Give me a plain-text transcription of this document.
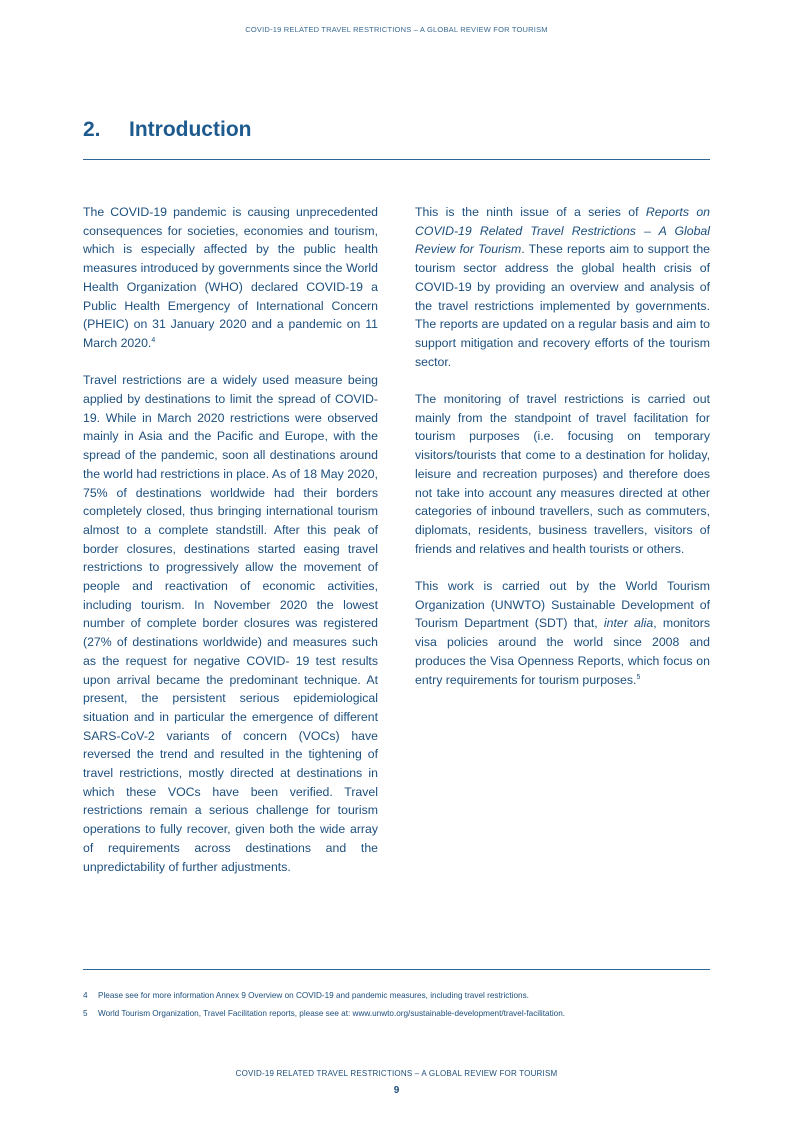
COVID-19 RELATED TRAVEL RESTRICTIONS – A GLOBAL REVIEW FOR TOURISM
2. Introduction

The COVID-19 pandemic is causing unprecedented consequences for societies, economies and tourism, which is especially affected by the public health measures introduced by governments since the World Health Organization (WHO) declared COVID-19 a Public Health Emergency of International Concern (PHEIC) on 31 January 2020 and a pandemic on 11 March 2020.$^4$

Travel restrictions are a widely used measure being applied by destinations to limit the spread of COVID-19. While in March 2020 restrictions were observed mainly in Asia and the Pacific and Europe, with the spread of the pandemic, soon all destinations around the world had restrictions in place. As of 18 May 2020, 75% of destinations worldwide had their borders completely closed, thus bringing international tourism almost to a complete standstill. After this peak of border closures, destinations started easing travel restrictions to progressively allow the movement of people and reactivation of economic activities, including tourism. In November 2020 the lowest number of complete border closures was registered (27% of destinations worldwide) and measures such as the request for negative COVID- 19 test results upon arrival became the predominant technique. At present, the persistent serious epidemiological situation and in particular the emergence of different SARS-CoV-2 variants of concern (VOCs) have reversed the trend and resulted in the tightening of travel restrictions, mostly directed at destinations in which these VOCs have been verified. Travel restrictions remain a serious challenge for tourism operations to fully recover, given both the wide array of requirements across destinations and the unpredictability of further adjustments.

This is the ninth issue of a series of Reports on COVID-19 Related Travel Restrictions – A Global Review for Tourism. These reports aim to support the tourism sector address the global health crisis of COVID-19 by providing an overview and analysis of the travel restrictions implemented by governments. The reports are updated on a regular basis and aim to support mitigation and recovery efforts of the tourism sector.

The monitoring of travel restrictions is carried out mainly from the standpoint of travel facilitation for tourism purposes (i.e. focusing on temporary visitors/tourists that come to a destination for holiday, leisure and recreation purposes) and therefore does not take into account any measures directed at other categories of inbound travellers, such as commuters, diplomats, residents, business travellers, visitors of friends and relatives and health tourists or others.

This work is carried out by the World Tourism Organization (UNWTO) Sustainable Development of Tourism Department (SDT) that, inter alia, monitors visa policies around the world since 2008 and produces the Visa Openness Reports, which focus on entry requirements for tourism purposes.$^5$

4	Please see for more information Annex 9 Overview on COVID-19 and pandemic measures, including travel restrictions.
5	World Tourism Organization, Travel Facilitation reports, please see at: www.unwto.org/sustainable-development/travel-facilitation.
COVID-19 RELATED TRAVEL RESTRICTIONS – A GLOBAL REVIEW FOR TOURISM
9
